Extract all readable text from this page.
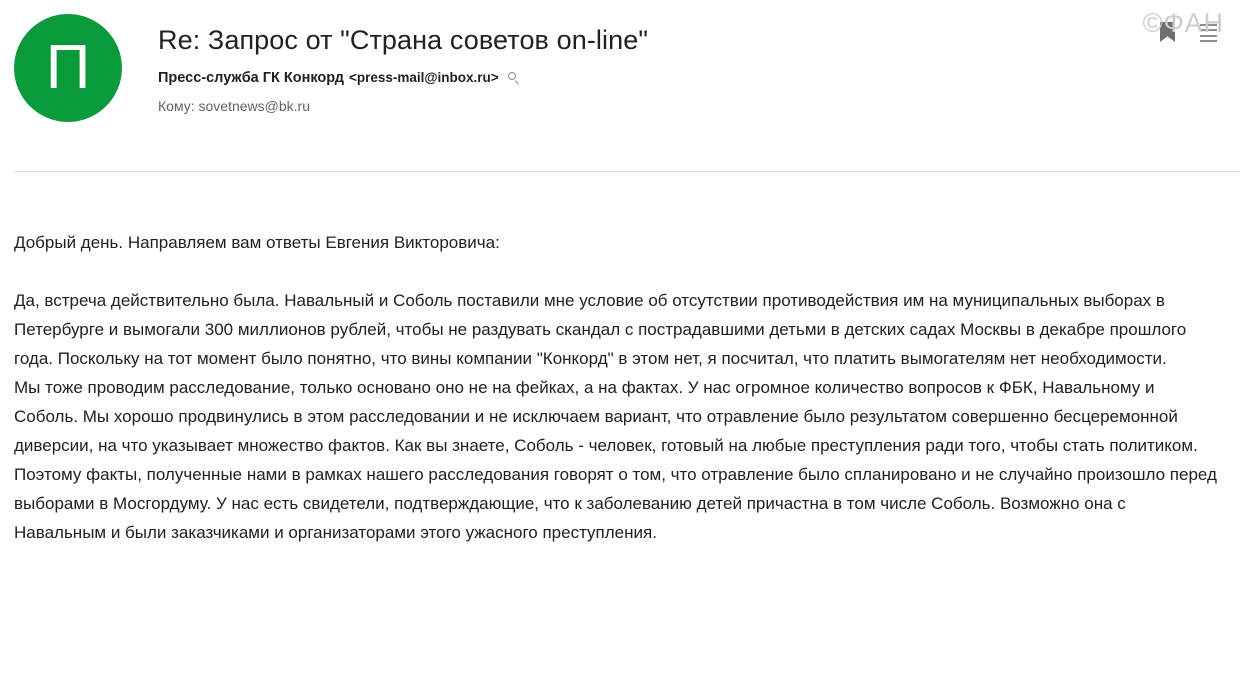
П	Re: Запрос от "Страна советов on-line"
Пресс-служба ГК Конкорд <press-mail@inbox.ru>
Кому: sovetnews@bk.ru
©ФАН

Добрый день. Направляем вам ответы Евгения Викторовича:

Да, встреча действительно была. Навальный и Соболь поставили мне условие об отсутствии противодействия им на муниципальных выборах в Петербурге и вымогали 300 миллионов рублей, чтобы не раздувать скандал с пострадавшими детьми в детских садах Москвы в декабре прошлого года. Поскольку на тот момент было понятно, что вины компании "Конкорд" в этом нет, я посчитал, что платить вымогателям нет необходимости.

Мы тоже проводим расследование, только основано оно не на фейках, а на фактах. У нас огромное количество вопросов к ФБК, Навальному и Соболь. Мы хорошо продвинулись в этом расследовании и не исключаем вариант, что отравление было результатом совершенно бесцеремонной диверсии, на что указывает множество фактов. Как вы знаете, Соболь - человек, готовый на любые преступления ради того, чтобы стать политиком. Поэтому факты, полученные нами в рамках нашего расследования говорят о том, что отравление было спланировано и не случайно произошло перед выборами в Мосгордуму. У нас есть свидетели, подтверждающие, что к заболеванию детей причастна в том числе Соболь. Возможно она с Навальным и были заказчиками и организаторами этого ужасного преступления.
